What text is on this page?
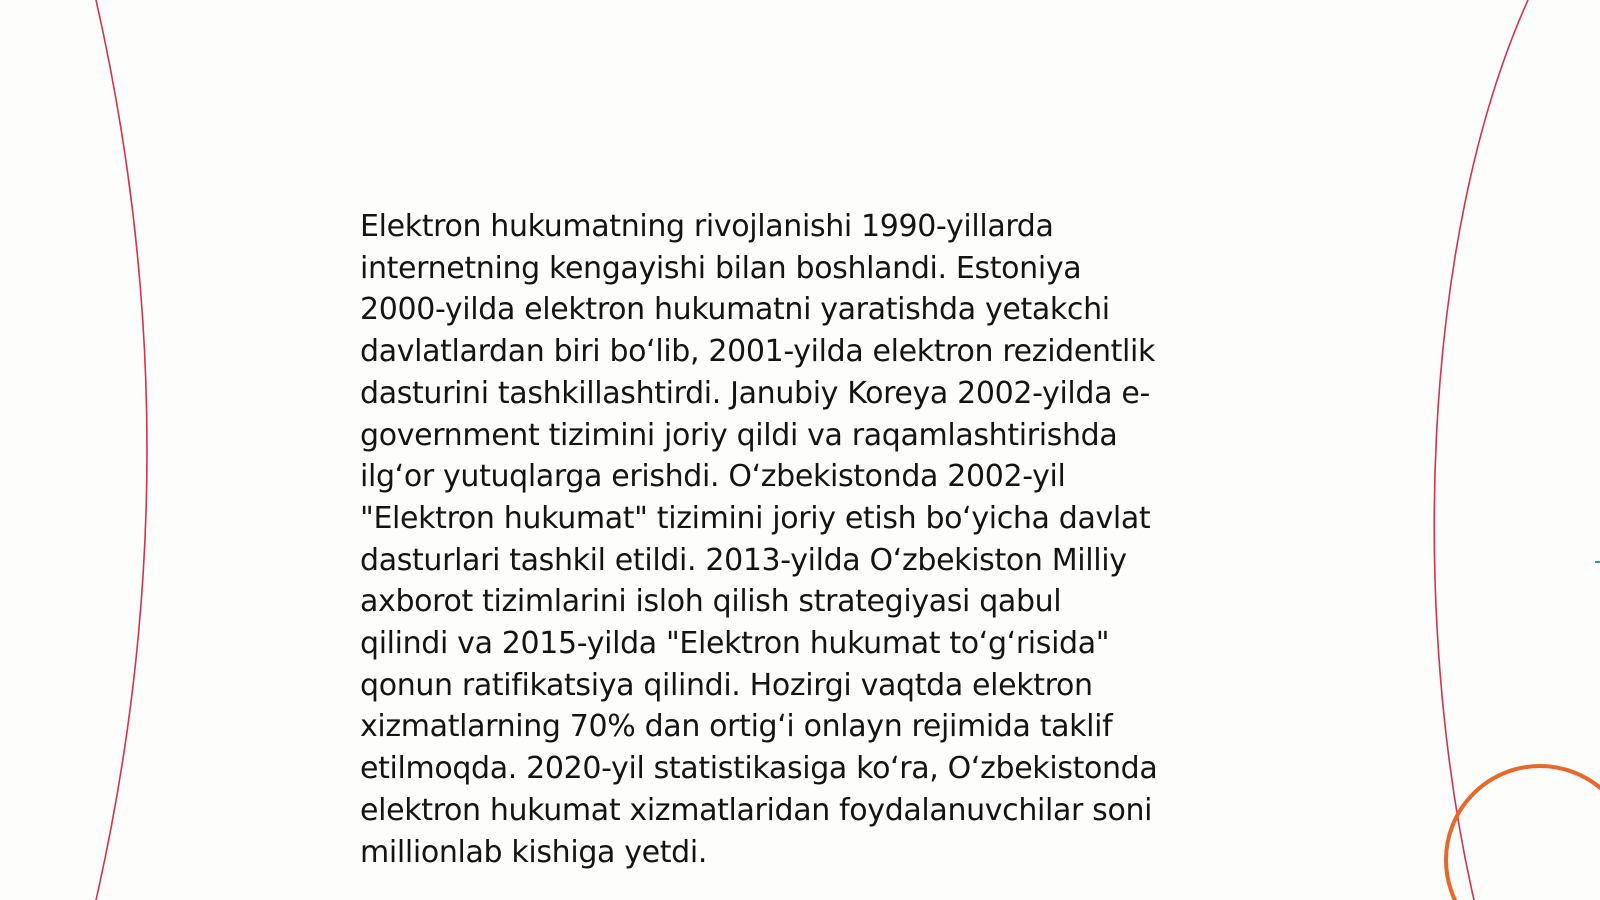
Elektron hukumatning rivojlanishi 1990-yillarda
internetning kengayishi bilan boshlandi. Estoniya
2000-yilda elektron hukumatni yaratishda yetakchi
davlatlardan biri boʻlib, 2001-yilda elektron rezidentlik
dasturini tashkillashtirdi. Janubiy Koreya 2002-yilda e-
government tizimini joriy qildi va raqamlashtirishda
ilgʻor yutuqlarga erishdi. Oʻzbekistonda 2002-yil
"Elektron hukumat" tizimini joriy etish boʻyicha davlat
dasturlari tashkil etildi. 2013-yilda Oʻzbekiston Milliy
axborot tizimlarini isloh qilish strategiyasi qabul
qilindi va 2015-yilda "Elektron hukumat toʻgʻrisida"
qonun ratifikatsiya qilindi. Hozirgi vaqtda elektron
xizmatlarning 70% dan ortigʻi onlayn rejimida taklif
etilmoqda. 2020-yil statistikasiga koʻra, Oʻzbekistonda
elektron hukumat xizmatlaridan foydalanuvchilar soni
millionlab kishiga yetdi.
